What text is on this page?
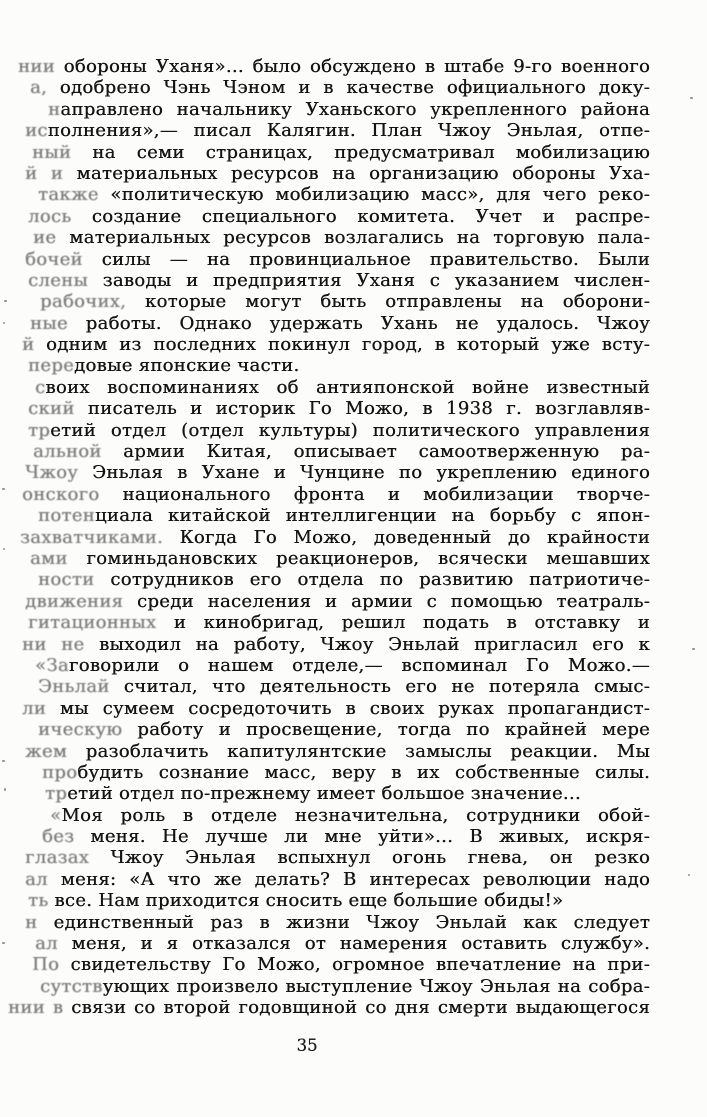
нии обороны Уханя»... было обсуждено в штабе 9-го военного
а, одобрено Чэнь Чэном и в качестве официального доку-
направлено начальнику Уханьского укрепленного района
исполнения»,— писал Калягин. План Чжоу Эньлая, отпе-
ный на семи страницах, предусматривал мобилизацию
й и материальных ресурсов на организацию обороны Уха-
также «политическую мобилизацию масс», для чего реко-
лось создание специального комитета. Учет и распре-
ие материальных ресурсов возлагались на торговую пала-
бочей силы — на провинциальное правительство. Были
слены заводы и предприятия Уханя с указанием числен-
рабочих, которые могут быть отправлены на оборони-
ные работы. Однако удержать Ухань не удалось. Чжоу
й одним из последних покинул город, в который уже всту-
передовые японские части.
своих воспоминаниях об антияпонской войне известный
ский писатель и историк Го Можо, в 1938 г. возглавляв-
третий отдел (отдел культуры) политического управления
альной армии Китая, описывает самоотверженную ра-
Чжоу Эньлая в Ухане и Чунцине по укреплению единого
онского национального фронта и мобилизации творче-
потенциала китайской интеллигенции на борьбу с япон-
захватчиками. Когда Го Можо, доведенный до крайности
ами гоминьдановских реакционеров, всячески мешавших
ности сотрудников его отдела по развитию патриотиче-
движения среди населения и армии с помощью театраль-
гитационных и кинобригад, решил подать в отставку и
ни не выходил на работу, Чжоу Эньлай пригласил его к
«Заговорили о нашем отделе,— вспоминал Го Можо.—
Эньлай считал, что деятельность его не потеряла смыс-
ли мы сумеем сосредоточить в своих руках пропагандист-
ическую работу и просвещение, тогда по крайней мере
жем разоблачить капитулянтские замыслы реакции. Мы
пробудить сознание масс, веру в их собственные силы.
третий отдел по-прежнему имеет большое значение...
«Моя роль в отделе незначительна, сотрудники обой-
без меня. Не лучше ли мне уйти»... В живых, искря-
глазах Чжоу Эньлая вспыхнул огонь гнева, он резко
ал меня: «А что же делать? В интересах революции надо
ть все. Нам приходится сносить еще большие обиды!»
н единственный раз в жизни Чжоу Эньлай как следует
ал меня, и я отказался от намерения оставить службу».
По свидетельству Го Можо, огромное впечатление на при-
сутствующих произвело выступление Чжоу Эньлая на собра-
нии в связи со второй годовщиной со дня смерти выдающегося
35
